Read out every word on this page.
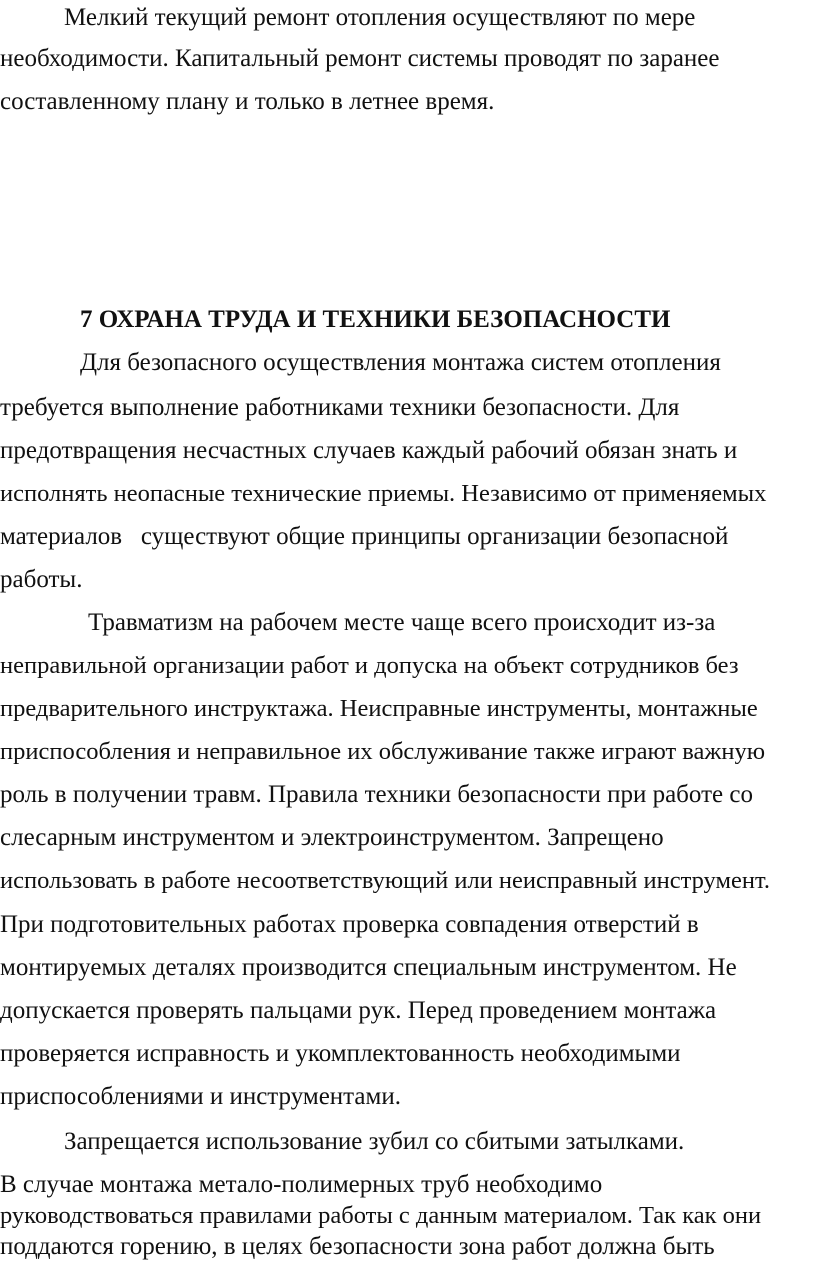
Мелкий текущий ремонт отопления осуществляют по мере
необходимости. Капитальный ремонт системы проводят по заранее
составленному плану и только в летнее время.
7 ОХРАНА ТРУДА И ТЕХНИКИ БЕЗОПАСНОСТИ
Для безопасного осуществления монтажа систем отопления
требуется выполнение работниками техники безопасности. Для
предотвращения несчастных случаев каждый рабочий обязан знать и
исполнять неопасные технические приемы. Независимо от применяемых
материалов   существуют общие принципы организации безопасной
работы.
Травматизм на рабочем месте чаще всего происходит из-за
неправильной организации работ и допуска на объект сотрудников без
предварительного инструктажа. Неисправные инструменты, монтажные
приспособления и неправильное их обслуживание также играют важную
роль в получении травм. Правила техники безопасности при работе со
слесарным инструментом и электроинструментом. Запрещено
использовать в работе несоответствующий или неисправный инструмент.
При подготовительных работах проверка совпадения отверстий в
монтируемых деталях производится специальным инструментом. Не
допускается проверять пальцами рук. Перед проведением монтажа
проверяется исправность и укомплектованность необходимыми
приспособлениями и инструментами.
Запрещается использование зубил со сбитыми затылками.
В случае монтажа метало-полимерных труб необходимо
руководствоваться правилами работы с данным материалом. Так как они
поддаются горению, в целях безопасности зона работ должна быть
